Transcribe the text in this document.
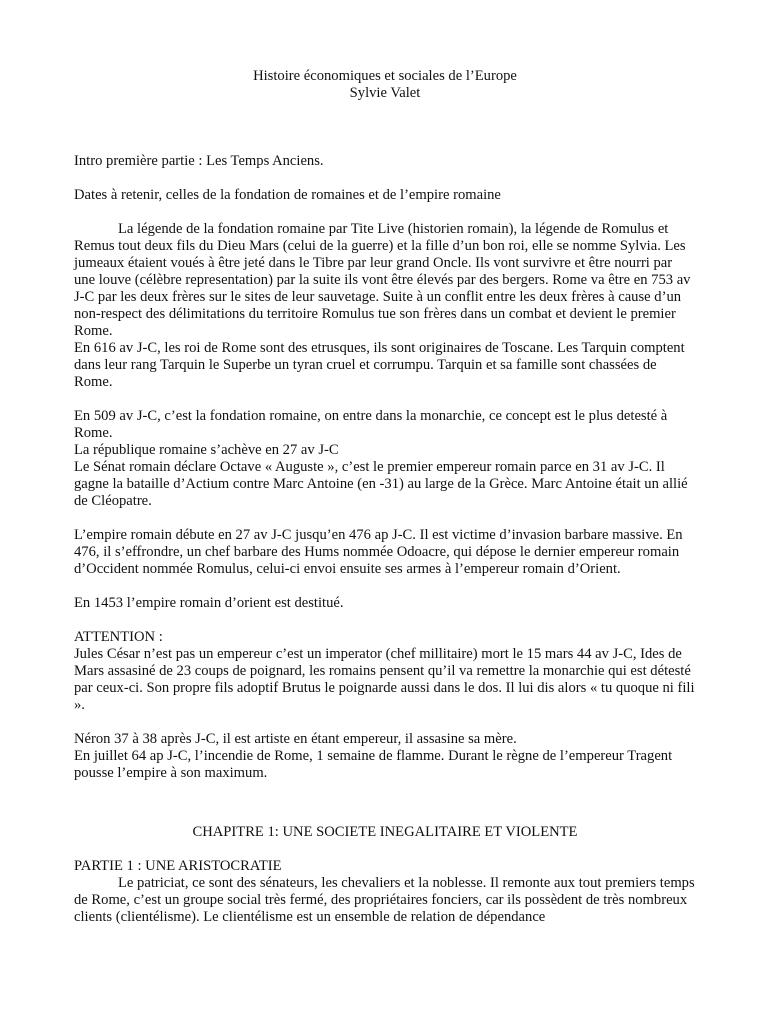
Histoire économiques et sociales de l’Europe
Sylvie Valet

Intro première partie : Les Temps Anciens.

Dates à retenir, celles de la fondation de romaines et de l’empire romaine

La légende de la fondation romaine par Tite Live (historien romain), la légende de Romulus et Remus tout deux fils du Dieu Mars (celui de la guerre) et la fille d’un bon roi, elle se nomme Sylvia. Les jumeaux étaient voués à être jeté dans le Tibre par leur grand Oncle. Ils vont survivre et être nourri par une louve (célèbre representation) par la suite ils vont être élevés par des bergers. Rome va être en 753 av J-C par les deux frères sur le sites de leur sauvetage. Suite à un conflit entre les deux frères à cause d’un non-respect des délimitations du territoire Romulus tue son frères dans un combat et devient le premier Rome.

En 616 av J-C, les roi de Rome sont des etrusques, ils sont originaires de Toscane. Les Tarquin comptent dans leur rang Tarquin le Superbe un tyran cruel et corrumpu. Tarquin et sa famille sont chassées de Rome.

En 509 av J-C, c’est la fondation romaine, on entre dans la monarchie, ce concept est le plus detesté à Rome.

La république romaine s’achève en 27 av J-C

Le Sénat romain déclare Octave « Auguste », c’est le premier empereur romain parce en 31 av J-C. Il gagne la bataille d’Actium contre Marc Antoine (en -31) au large de la Grèce. Marc Antoine était un allié de Cléopatre.

L’empire romain débute en 27 av J-C jusqu’en 476 ap J-C. Il est victime d’invasion barbare massive. En 476, il s’effrondre, un chef barbare des Hums nommée Odoacre, qui dépose le dernier empereur romain d’Occident nommée Romulus, celui-ci envoi ensuite ses armes à l’empereur romain d’Orient.

En 1453 l’empire romain d’orient est destitué.

ATTENTION :

Jules César n’est pas un empereur c’est un imperator (chef millitaire) mort le 15 mars 44 av J-C, Ides de Mars assasiné de 23 coups de poignard, les romains pensent qu’il va remettre la monarchie qui est détesté par ceux-ci. Son propre fils adoptif Brutus le poignarde aussi dans le dos. Il lui dis alors « tu quoque ni fili ».

Néron 37 à 38 après J-C, il est artiste en étant empereur, il assasine sa mère.

En juillet 64 ap J-C, l’incendie de Rome, 1 semaine de flamme. Durant le règne de l’empereur Tragent pousse l’empire à son maximum.

CHAPITRE 1: UNE SOCIETE INEGALITAIRE ET VIOLENTE

PARTIE 1 : UNE ARISTOCRATIE

Le patriciat, ce sont des sénateurs, les chevaliers et la noblesse. Il remonte aux tout premiers temps de Rome, c’est un groupe social très fermé, des propriétaires fonciers, car ils possèdent de très nombreux clients (clientélisme). Le clientélisme est un ensemble de relation de dépendance
